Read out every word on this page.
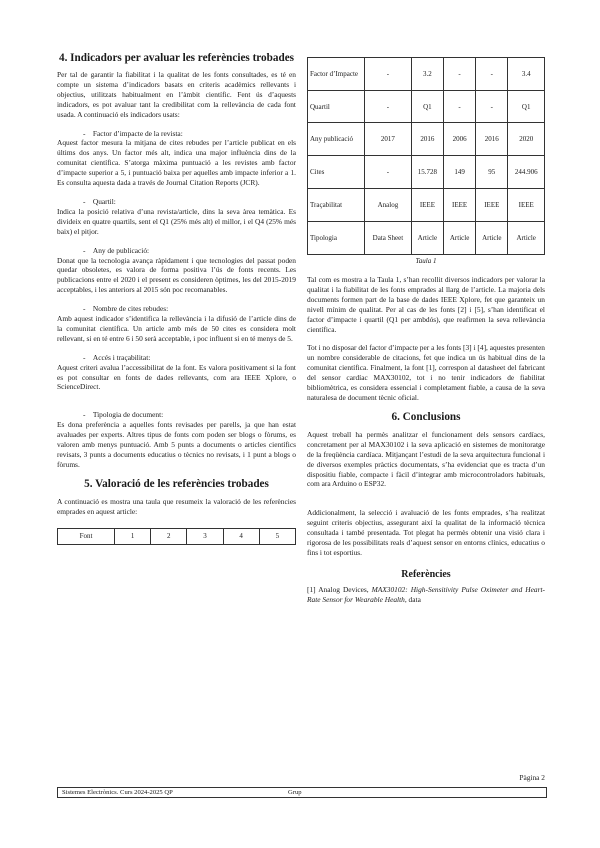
4. Indicadors per avaluar les referències trobades

Per tal de garantir la fiabilitat i la qualitat de les fonts consultades, es té en compte un sistema d’indicadors basats en criteris acadèmics rellevants i objectius, utilitzats habitualment en l’àmbit científic. Fent ús d’aquests indicadors, es pot avaluar tant la credibilitat com la rellevància de cada font usada. A continuació els indicadors usats:

-    Factor d’impacte de la revista:

Aquest factor mesura la mitjana de cites rebudes per l’article publicat en els últims dos anys. Un factor més alt, indica una major influència dins de la comunitat científica. S’atorga màxima puntuació a les revistes amb factor d’impacte superior a 5, i puntuació baixa per aquelles amb impacte inferior a 1. Es consulta aquesta dada a través de Journal Citation Reports (JCR).

-    Quartil:

Indica la posició relativa d’una revista/article, dins la seva àrea temàtica. Es divideix en quatre quartils, sent el Q1 (25% més alt) el millor, i el Q4 (25% més baix) el pitjor.

-    Any de publicació:

Donat que la tecnologia avança ràpidament i que tecnologies del passat poden quedar obsoletes, es valora de forma positiva l’ús de fonts recents. Les publicacions entre el 2020 i el present es consideren òptimes, les del 2015-2019 acceptables, i les anteriors al 2015 són poc recomanables.

-    Nombre de cites rebudes:

Amb aquest indicador s’identifica la rellevància i la difusió de l’article dins de la comunitat científica. Un article amb més de 50 cites es considera molt rellevant, si en té entre 6 i 50 serà acceptable, i poc influent si en té menys de 5.

-    Accés i traçabilitat:

Aquest criteri avalua l’accessibilitat de la font. Es valora positivament si la font es pot consultar en fonts de dades rellevants, com ara IEEE Xplore, o ScienceDirect.

-    Tipologia de document:

Es dona preferència a aquelles fonts revisades per parells, ja que han estat avaluades per experts. Altres tipus de fonts com poden ser blogs o fòrums, es valoren amb menys puntuació. Amb 5 punts a documents o articles científics revisats, 3 punts a documents educatius o tècnics no revisats, i 1 punt a blogs o fòrums.

5. Valoració de les referències trobades

A continuació es mostra una taula que resumeix la valoració de les referències emprades en aquest article:

Font	1	2	3	4	5
Factor d’Impacte	-	3.2	-	-	3.4
Quartil	-	Q1	-	-	Q1
Any publicació	2017	2016	2006	2016	2020
Cites	-	15.728	149	95	244.906
Traçabilitat	Analog	IEEE	IEEE	IEEE	IEEE
Tipologia	Data Sheet	Article	Article	Article	Article
Taula 1

Tal com es mostra a la Taula 1, s’han recollit diversos indicadors per valorar la qualitat i la fiabilitat de les fonts emprades al llarg de l’article. La majoria dels documents formen part de la base de dades IEEE Xplore, fet que garanteix un nivell mínim de qualitat. Per al cas de les fonts [2] i [5], s’han identificat el factor d’impacte i quartil (Q1 per ambdós), que reafirmen la seva rellevància científica.

Tot i no disposar del factor d’impacte per a les fonts [3] i [4], aquestes presenten un nombre considerable de citacions, fet que indica un ús habitual dins de la comunitat científica. Finalment, la font [1], correspon al datasheet del fabricant del sensor cardíac MAX30102, tot i no tenir indicadors de fiabilitat bibliomètrica, es considera essencial i completament fiable, a causa de la seva naturalesa de document tècnic oficial.

6. Conclusions

Aquest treball ha permès analitzar el funcionament dels sensors cardíacs, concretament per al MAX30102 i la seva aplicació en sistemes de monitoratge de la freqüència cardíaca. Mitjançant l’estudi de la seva arquitectura funcional i de diversos exemples pràctics documentats, s’ha evidenciat que es tracta d’un dispositiu fiable, compacte i fàcil d’integrar amb microcontroladors habituals, com ara Arduino o ESP32.

Addicionalment, la selecció i avaluació de les fonts emprades, s’ha realitzat seguint criteris objectius, assegurant així la qualitat de la informació tècnica consultada i també presentada. Tot plegat ha permès obtenir una visió clara i rigorosa de les possibilitats reals d’aquest sensor en entorns clínics, educatius o fins i tot esportius.

Referències

[1] Analog Devices, MAX30102: High-Sensitivity Pulse Oximeter and Heart-Rate Sensor for Wearable Health, data

Pàgina 2
Sistemes Electrònics. Curs 2024-2025 QP	Grup
